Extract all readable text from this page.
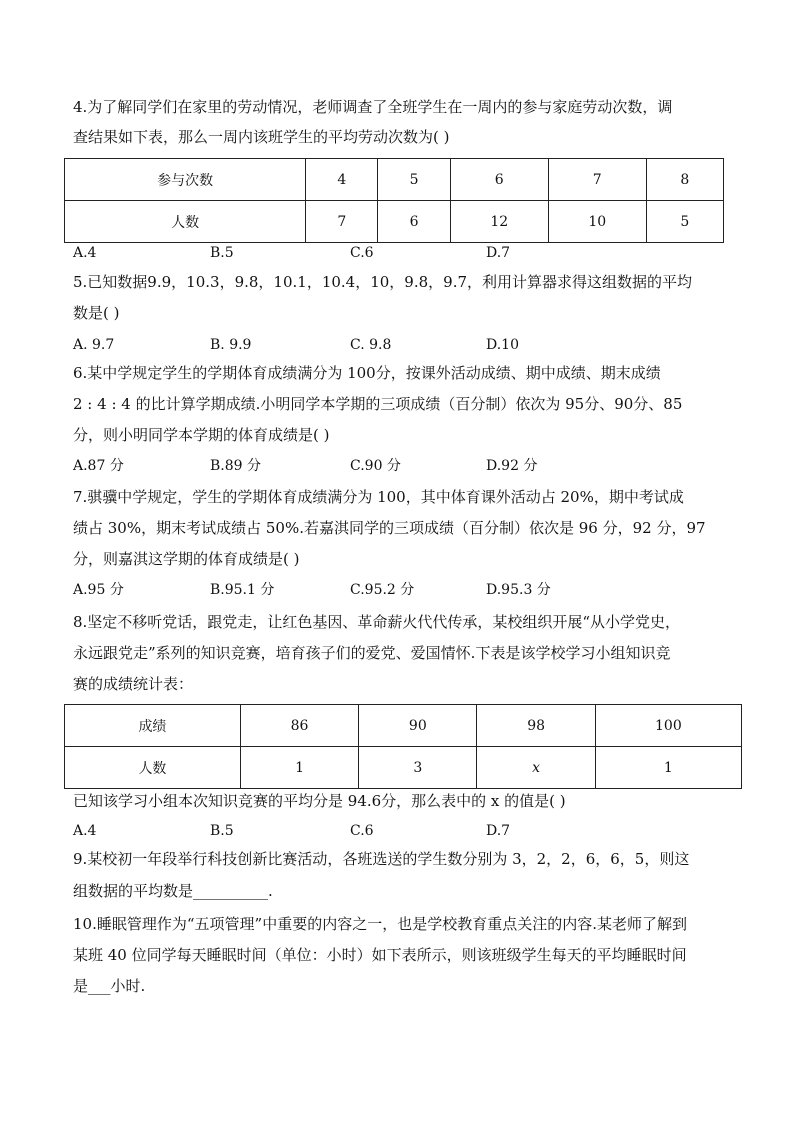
4.为了解同学们在家里的劳动情况，老师调查了全班学生在一周内的参与家庭劳动次数，调
查结果如下表，那么一周内该班学生的平均劳动次数为( )
参与次数	4	5	6	7	8
人数	7	6	12	10	5
A.4	B.5	C.6	D.7
5.已知数据9.9，10.3，9.8，10.1，10.4，10，9.8，9.7，利用计算器求得这组数据的平均
数是( )
A. 9.7	B. 9.9	C. 9.8	D.10
6.某中学规定学生的学期体育成绩满分为 100分，按课外活动成绩、期中成绩、期末成绩
2 : 4 : 4 的比计算学期成绩.小明同学本学期的三项成绩（百分制）依次为 95分、90分、85
分，则小明同学本学期的体育成绩是( )
A.87 分	B.89 分	C.90 分	D.92 分
7.骐骥中学规定，学生的学期体育成绩满分为 100，其中体育课外活动占 20%，期中考试成
绩占 30%，期末考试成绩占 50%.若嘉淇同学的三项成绩（百分制）依次是 96 分，92 分，97
分，则嘉淇这学期的体育成绩是( )
A.95 分	B.95.1 分	C.95.2 分	D.95.3 分
8.坚定不移听党话，跟党走，让红色基因、革命薪火代代传承，某校组织开展“从小学党史，
永远跟党走”系列的知识竞赛，培育孩子们的爱党、爱国情怀.下表是该学校学习小组知识竞
赛的成绩统计表：
成绩	86	90	98	100
人数	1	3	x	1
已知该学习小组本次知识竞赛的平均分是 94.6分，那么表中的 x 的值是( )
A.4	B.5	C.6	D.7
9.某校初一年段举行科技创新比赛活动，各班选送的学生数分别为 3，2，2，6，6，5，则这
组数据的平均数是__________.
10.睡眠管理作为“五项管理”中重要的内容之一，也是学校教育重点关注的内容.某老师了解到
某班 40 位同学每天睡眠时间（单位：小时）如下表所示，则该班级学生每天的平均睡眠时间
是___小时.
